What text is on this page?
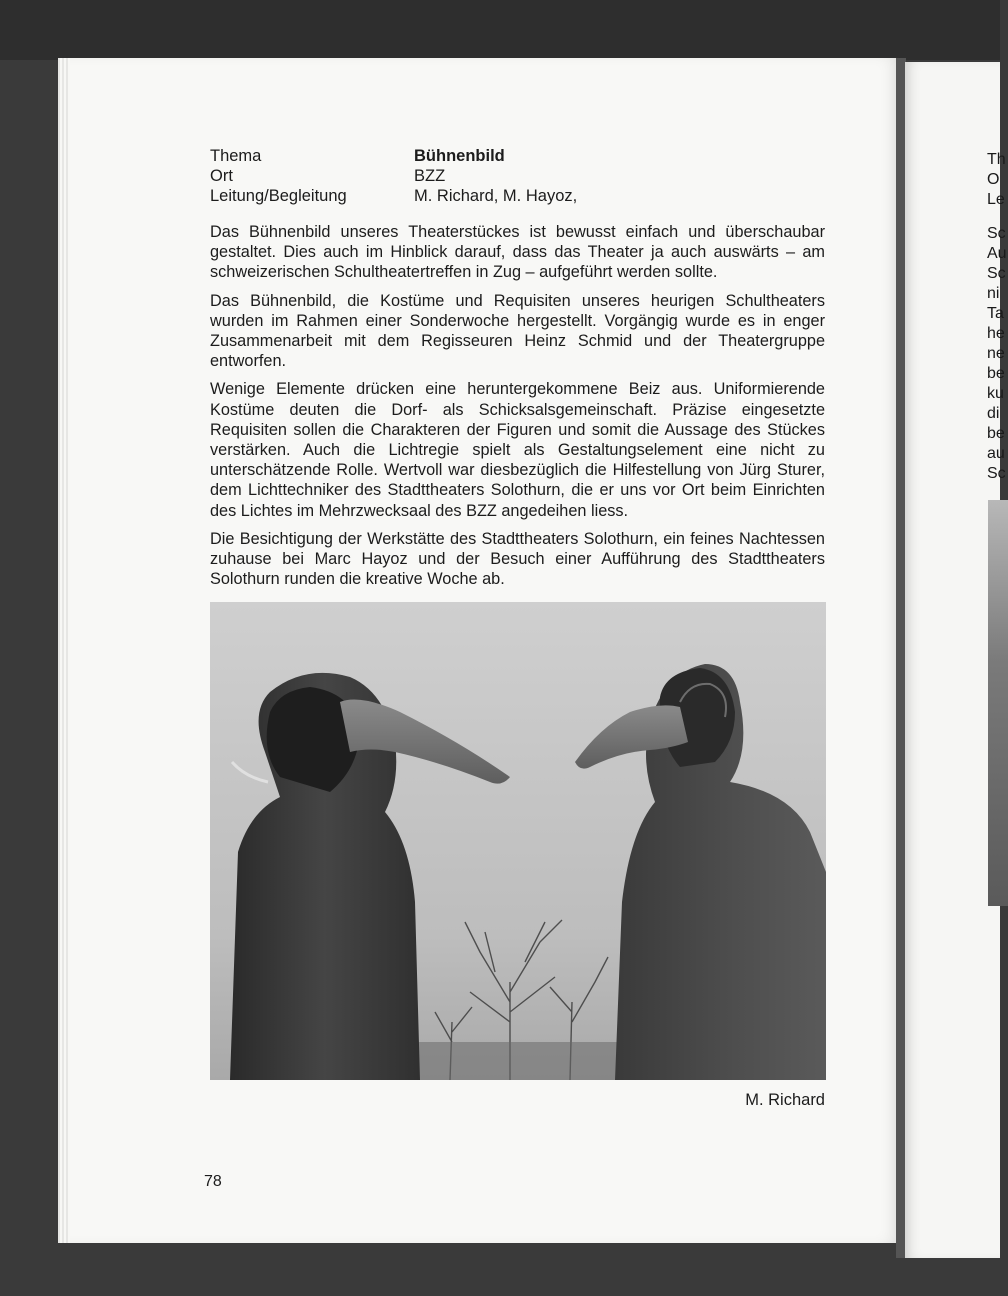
Thema	Bühnenbild
Ort	BZZ
Leitung/Begleitung	M. Richard, M. Hayoz,

Das Bühnenbild unseres Theaterstückes ist bewusst einfach und überschaubar gestaltet. Dies auch im Hinblick darauf, dass das Theater ja auch auswärts – am schweizerischen Schultheatertreffen in Zug – aufgeführt werden sollte.

Das Bühnenbild, die Kostüme und Requisiten unseres heurigen Schultheaters wurden im Rahmen einer Sonderwoche hergestellt. Vorgängig wurde es in enger Zusammenarbeit mit dem Regisseuren Heinz Schmid und der Theatergruppe entworfen.

Wenige Elemente drücken eine heruntergekommene Beiz aus. Uniformierende Kostüme deuten die Dorf- als Schicksalsgemeinschaft. Präzise eingesetzte Requisiten sollen die Charakteren der Figuren und somit die Aussage des Stückes verstärken. Auch die Lichtregie spielt als Gestaltungselement eine nicht zu unterschätzende Rolle. Wertvoll war diesbezüglich die Hilfestellung von Jürg Sturer, dem Lichttechniker des Stadttheaters Solothurn, die er uns vor Ort beim Einrichten des Lichtes im Mehrzwecksaal des BZZ angedeihen liess.

Die Besichtigung der Werkstätte des Stadttheaters Solothurn, ein feines Nachtessen zuhause bei Marc Hayoz und der Besuch einer Aufführung des Stadttheaters Solothurn runden die kreative Woche ab.

M. Richard
78
Th
O
Le
Sc
Au
Sc
ni
Ta
he
ne
be
ku
di
be
au
Sc
